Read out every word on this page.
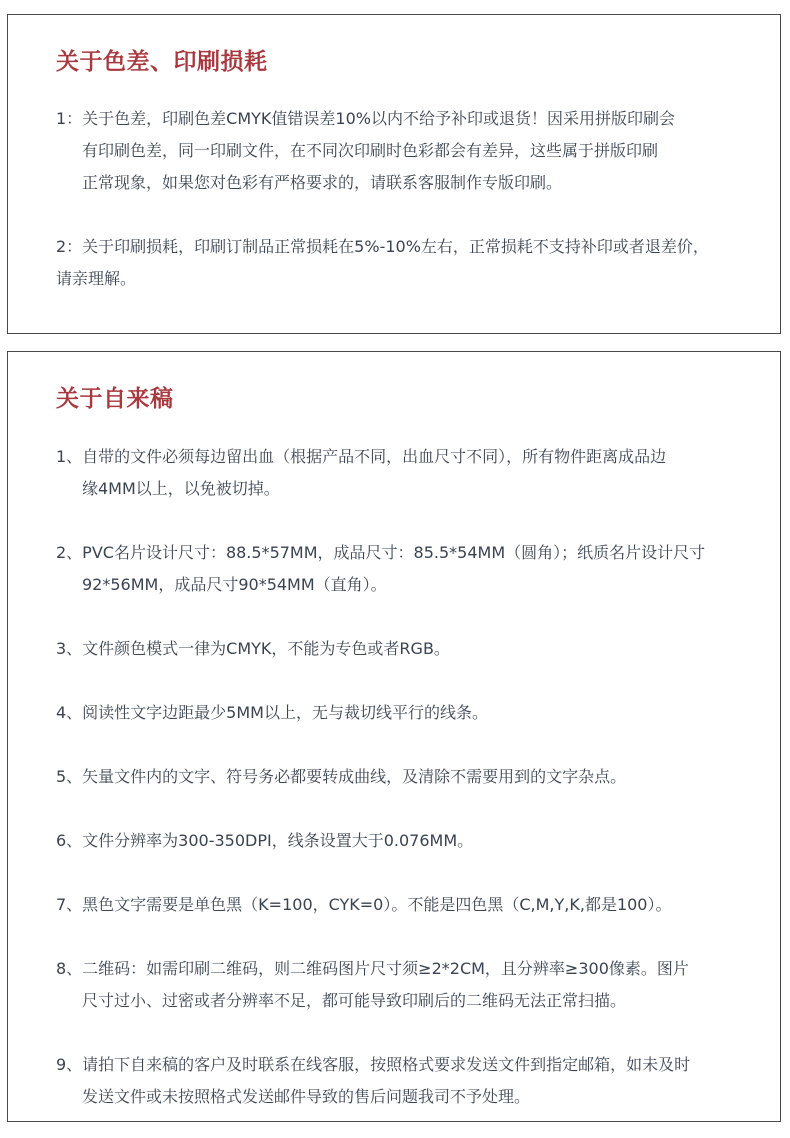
关于色差、印刷损耗

1：关于色差，印刷色差CMYK值错误差10%以内不给予补印或退货！因采用拼版印刷会
有印刷色差，同一印刷文件，在不同次印刷时色彩都会有差异，这些属于拼版印刷
正常现象，如果您对色彩有严格要求的，请联系客服制作专版印刷。

2：关于印刷损耗，印刷订制品正常损耗在5%-10%左右，正常损耗不支持补印或者退差价，
请亲理解。

关于自来稿

1、自带的文件必须每边留出血（根据产品不同，出血尺寸不同），所有物件距离成品边
缘4MM以上，以免被切掉。

2、PVC名片设计尺寸：88.5*57MM，成品尺寸：85.5*54MM（圆角）；纸质名片设计尺寸
92*56MM，成品尺寸90*54MM（直角）。

3、文件颜色模式一律为CMYK，不能为专色或者RGB。

4、阅读性文字边距最少5MM以上，无与裁切线平行的线条。

5、矢量文件内的文字、符号务必都要转成曲线，及清除不需要用到的文字杂点。

6、文件分辨率为300-350DPI，线条设置大于0.076MM。

7、黑色文字需要是单色黑（K=100，CYK=0）。不能是四色黑（C,M,Y,K,都是100）。

8、二维码：如需印刷二维码，则二维码图片尺寸须≥2*2CM，且分辨率≥300像素。图片
尺寸过小、过密或者分辨率不足，都可能导致印刷后的二维码无法正常扫描。

9、请拍下自来稿的客户及时联系在线客服，按照格式要求发送文件到指定邮箱，如未及时
发送文件或未按照格式发送邮件导致的售后问题我司不予处理。
